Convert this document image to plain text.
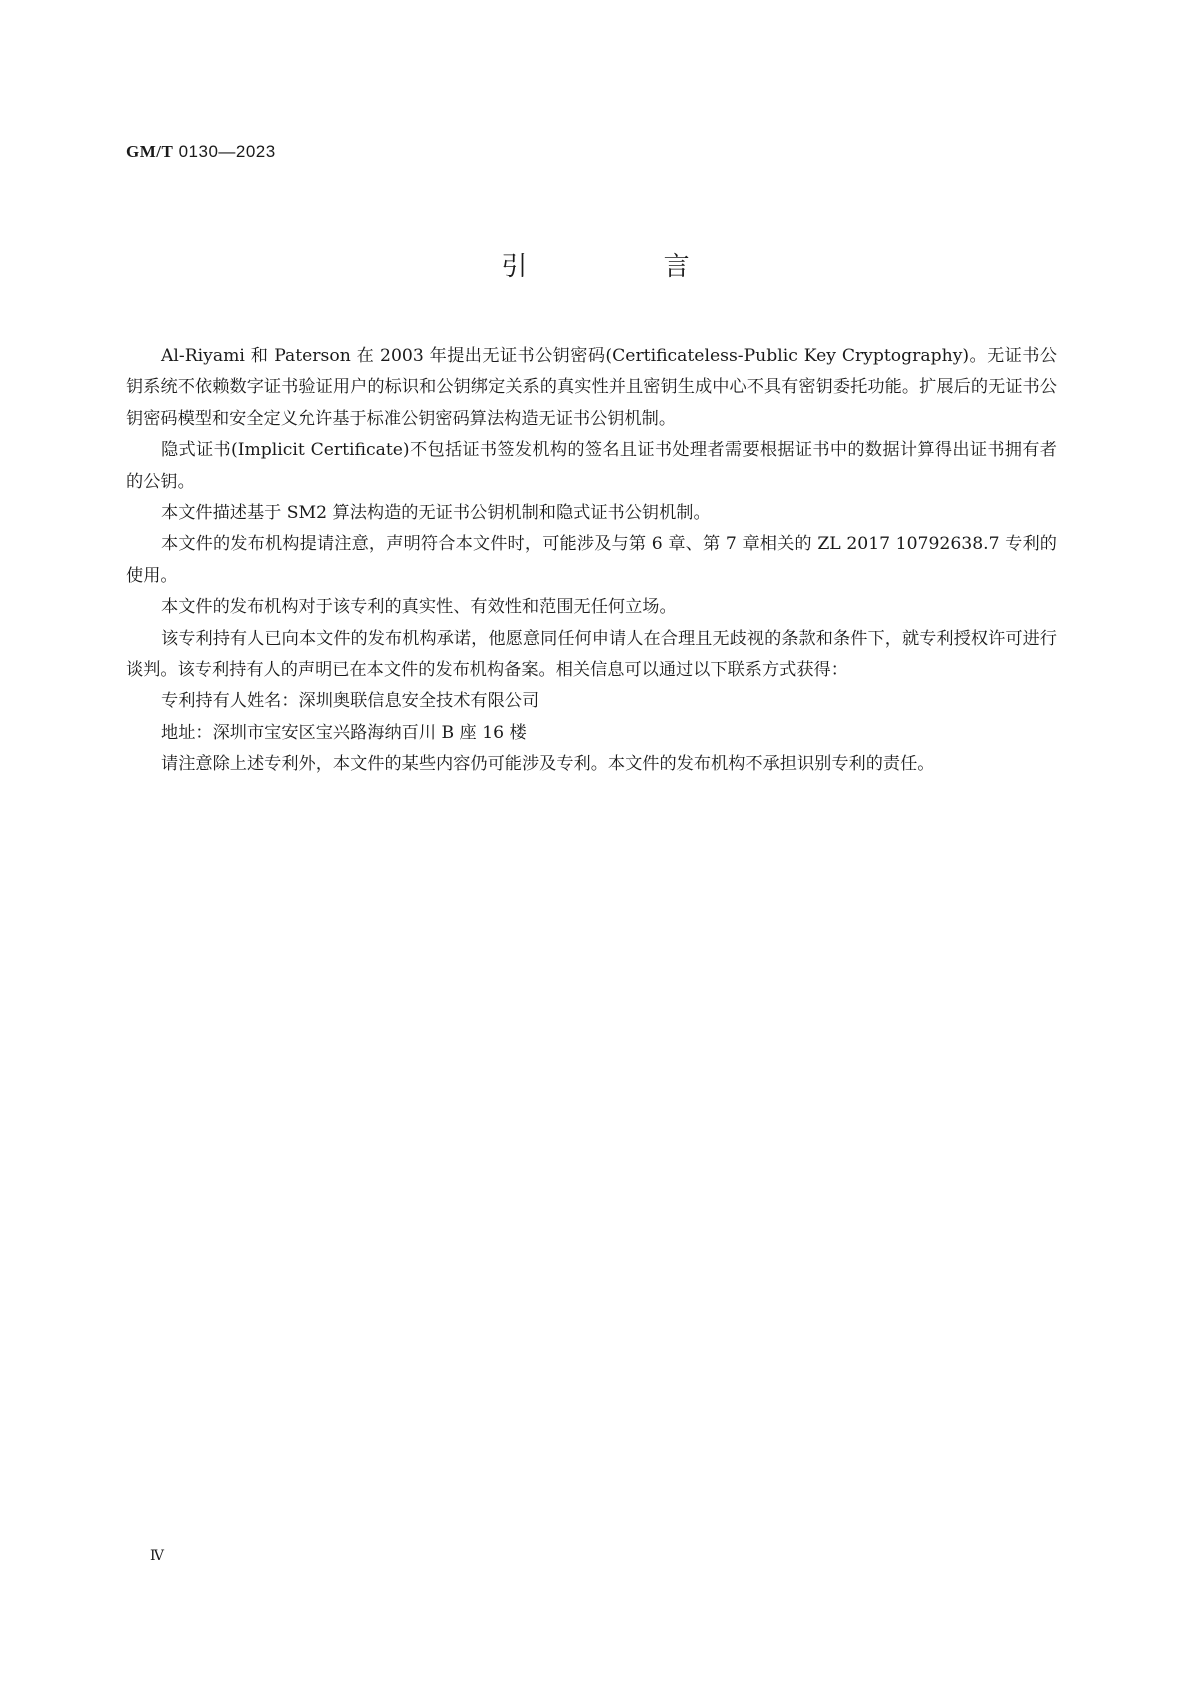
GM/T 0130—2023
引 言

Al-Riyami 和 Paterson 在 2003 年提出无证书公钥密码(Certificateless-Public Key Cryptography)。无证书公钥系统不依赖数字证书验证用户的标识和公钥绑定关系的真实性并且密钥生成中心不具有密钥委托功能。扩展后的无证书公钥密码模型和安全定义允许基于标准公钥密码算法构造无证书公钥机制。

隐式证书(Implicit Certificate)不包括证书签发机构的签名且证书处理者需要根据证书中的数据计算得出证书拥有者的公钥。

本文件描述基于 SM2 算法构造的无证书公钥机制和隐式证书公钥机制。

本文件的发布机构提请注意，声明符合本文件时，可能涉及与第 6 章、第 7 章相关的 ZL 2017 10792638.7 专利的使用。

本文件的发布机构对于该专利的真实性、有效性和范围无任何立场。

该专利持有人已向本文件的发布机构承诺，他愿意同任何申请人在合理且无歧视的条款和条件下，就专利授权许可进行谈判。该专利持有人的声明已在本文件的发布机构备案。相关信息可以通过以下联系方式获得：

专利持有人姓名：深圳奥联信息安全技术有限公司

地址：深圳市宝安区宝兴路海纳百川 B 座 16 楼

请注意除上述专利外，本文件的某些内容仍可能涉及专利。本文件的发布机构不承担识别专利的责任。

Ⅳ
